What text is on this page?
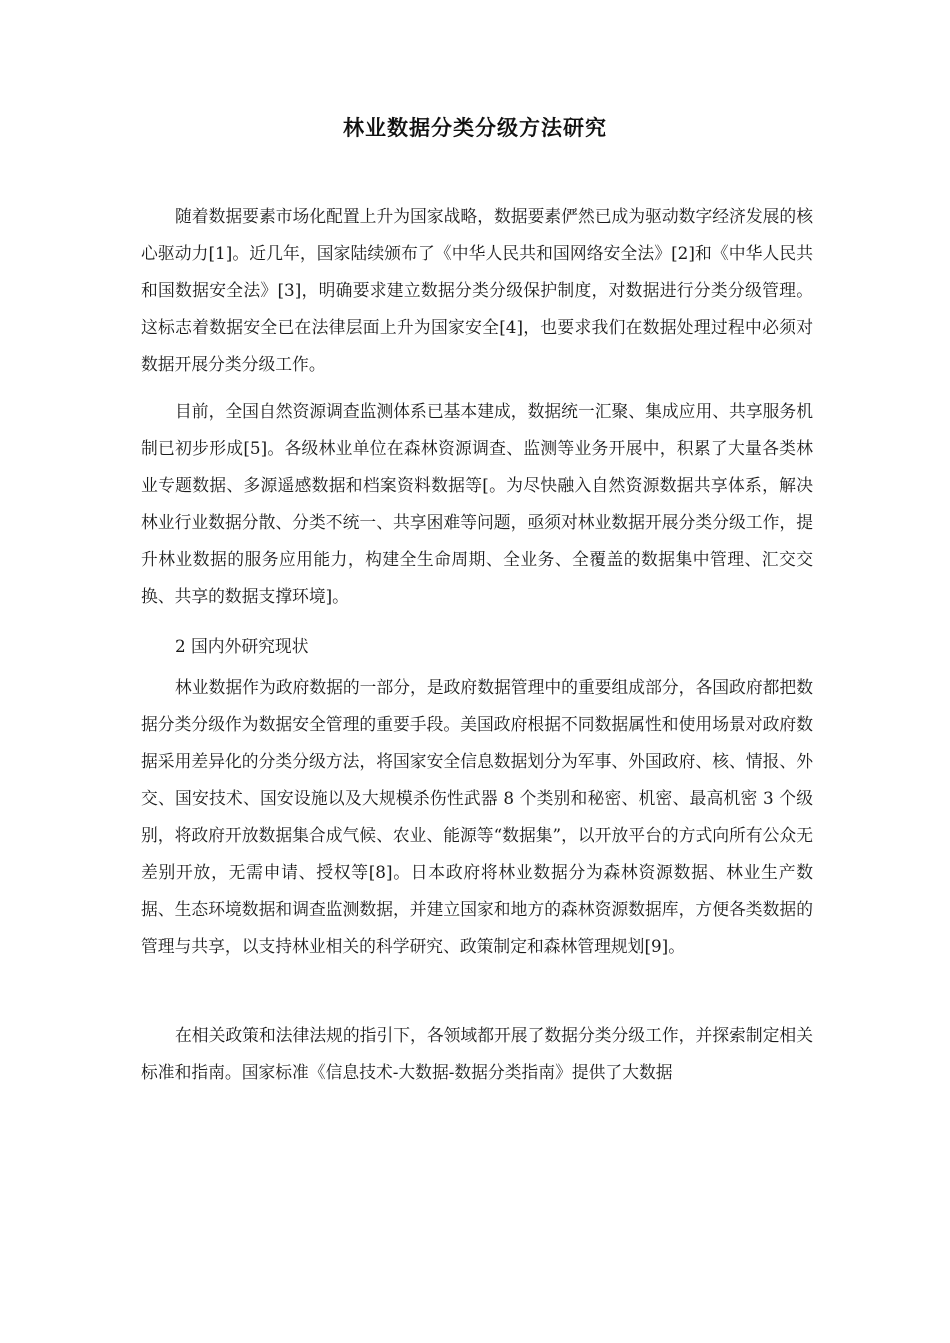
林业数据分类分级方法研究

随着数据要素市场化配置上升为国家战略，数据要素俨然已成为驱动数字经济发展的核心驱动力[1]。近几年，国家陆续颁布了《中华人民共和国网络安全法》[2]和《中华人民共和国数据安全法》[3]，明确要求建立数据分类分级保护制度，对数据进行分类分级管理。这标志着数据安全已在法律层面上升为国家安全[4]，也要求我们在数据处理过程中必须对数据开展分类分级工作。

目前，全国自然资源调查监测体系已基本建成，数据统一汇聚、集成应用、共享服务机制已初步形成[5]。各级林业单位在森林资源调查、监测等业务开展中，积累了大量各类林业专题数据、多源遥感数据和档案资料数据等[。为尽快融入自然资源数据共享体系，解决林业行业数据分散、分类不统一、共享困难等问题，亟须对林业数据开展分类分级工作，提升林业数据的服务应用能力，构建全生命周期、全业务、全覆盖的数据集中管理、汇交交换、共享的数据支撑环境]。

2 国内外研究现状

林业数据作为政府数据的一部分，是政府数据管理中的重要组成部分，各国政府都把数据分类分级作为数据安全管理的重要手段。美国政府根据不同数据属性和使用场景对政府数据采用差异化的分类分级方法，将国家安全信息数据划分为军事、外国政府、核、情报、外交、国安技术、国安设施以及大规模杀伤性武器 8 个类别和秘密、机密、最高机密 3 个级别，将政府开放数据集合成气候、农业、能源等“数据集”，以开放平台的方式向所有公众无差别开放，无需申请、授权等[8]。日本政府将林业数据分为森林资源数据、林业生产数据、生态环境数据和调查监测数据，并建立国家和地方的森林资源数据库，方便各类数据的管理与共享，以支持林业相关的科学研究、政策制定和森林管理规划[9]。

在相关政策和法律法规的指引下，各领域都开展了数据分类分级工作，并探索制定相关标准和指南。国家标准《信息技术-大数据-数据分类指南》提供了大数据
